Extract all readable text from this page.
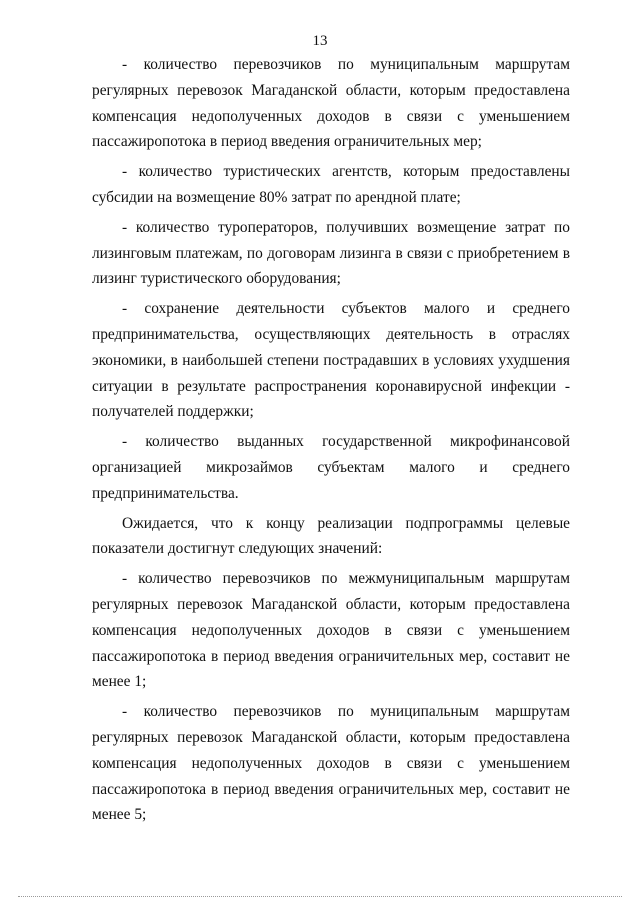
13
- количество перевозчиков по муниципальным маршрутам
регулярных перевозок Магаданской области, которым предоставлена
компенсация недополученных доходов в связи с уменьшением
пассажиропотока в период введения ограничительных мер;
- количество туристических агентств, которым предоставлены
субсидии на возмещение 80% затрат по арендной плате;
- количество туроператоров, получивших возмещение затрат по
лизинговым платежам, по договорам лизинга в связи с приобретением в
лизинг туристического оборудования;
- сохранение деятельности субъектов малого и среднего
предпринимательства, осуществляющих деятельность в отраслях
экономики, в наибольшей степени пострадавших в условиях ухудшения
ситуации в результате распространения коронавирусной инфекции -
получателей поддержки;
- количество выданных государственной микрофинансовой
организацией микрозаймов субъектам малого и среднего
предпринимательства.
Ожидается, что к концу реализации подпрограммы целевые
показатели достигнут следующих значений:
- количество перевозчиков по межмуниципальным маршрутам
регулярных перевозок Магаданской области, которым предоставлена
компенсация недополученных доходов в связи с уменьшением
пассажиропотока в период введения ограничительных мер, составит не
менее 1;
- количество перевозчиков по муниципальным маршрутам
регулярных перевозок Магаданской области, которым предоставлена
компенсация недополученных доходов в связи с уменьшением
пассажиропотока в период введения ограничительных мер, составит не
менее 5;
